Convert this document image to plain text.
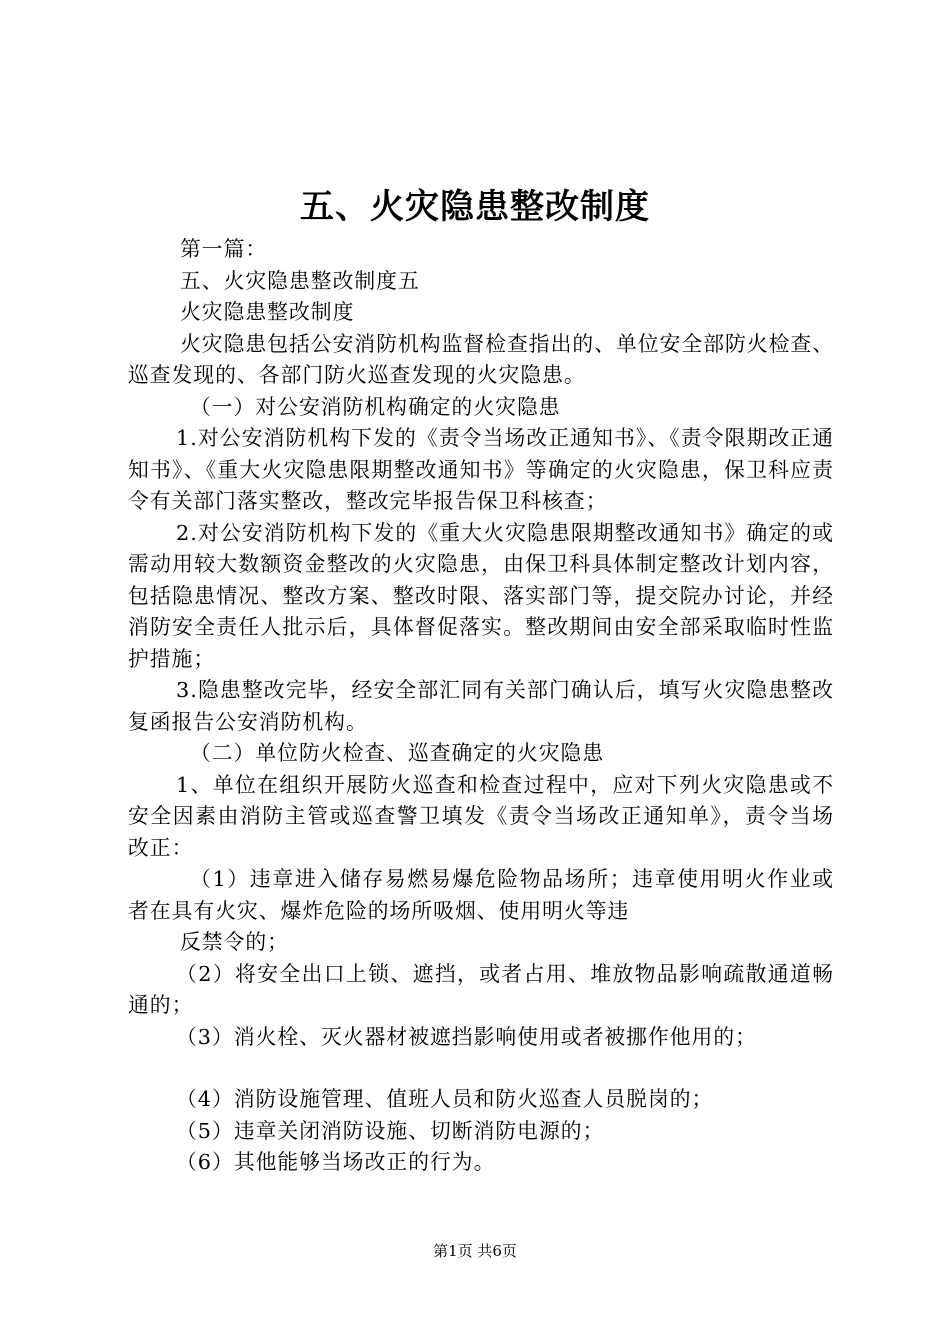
五、火灾隐患整改制度

第一篇：

五、火灾隐患整改制度五

火灾隐患整改制度

火灾隐患包括公安消防机构监督检查指出的、单位安全部防火检查、巡查发现的、各部门防火巡查发现的火灾隐患。

（一）对公安消防机构确定的火灾隐患

1.对公安消防机构下发的《责令当场改正通知书》、《责令限期改正通知书》、《重大火灾隐患限期整改通知书》等确定的火灾隐患，保卫科应责令有关部门落实整改，整改完毕报告保卫科核查；

2.对公安消防机构下发的《重大火灾隐患限期整改通知书》确定的或需动用较大数额资金整改的火灾隐患，由保卫科具体制定整改计划内容，包括隐患情况、整改方案、整改时限、落实部门等，提交院办讨论，并经消防安全责任人批示后，具体督促落实。整改期间由安全部采取临时性监护措施；

3.隐患整改完毕，经安全部汇同有关部门确认后，填写火灾隐患整改复函报告公安消防机构。

（二）单位防火检查、巡查确定的火灾隐患

1、单位在组织开展防火巡查和检查过程中，应对下列火灾隐患或不安全因素由消防主管或巡查警卫填发《责令当场改正通知单》，责令当场改正：

（1）违章进入储存易燃易爆危险物品场所；违章使用明火作业或者在具有火灾、爆炸危险的场所吸烟、使用明火等违

反禁令的；

（2）将安全出口上锁、遮挡，或者占用、堆放物品影响疏散通道畅通的；

（3）消火栓、灭火器材被遮挡影响使用或者被挪作他用的；

（4）消防设施管理、值班人员和防火巡查人员脱岗的；

（5）违章关闭消防设施、切断消防电源的；

（6）其他能够当场改正的行为。

第1页 共6页
